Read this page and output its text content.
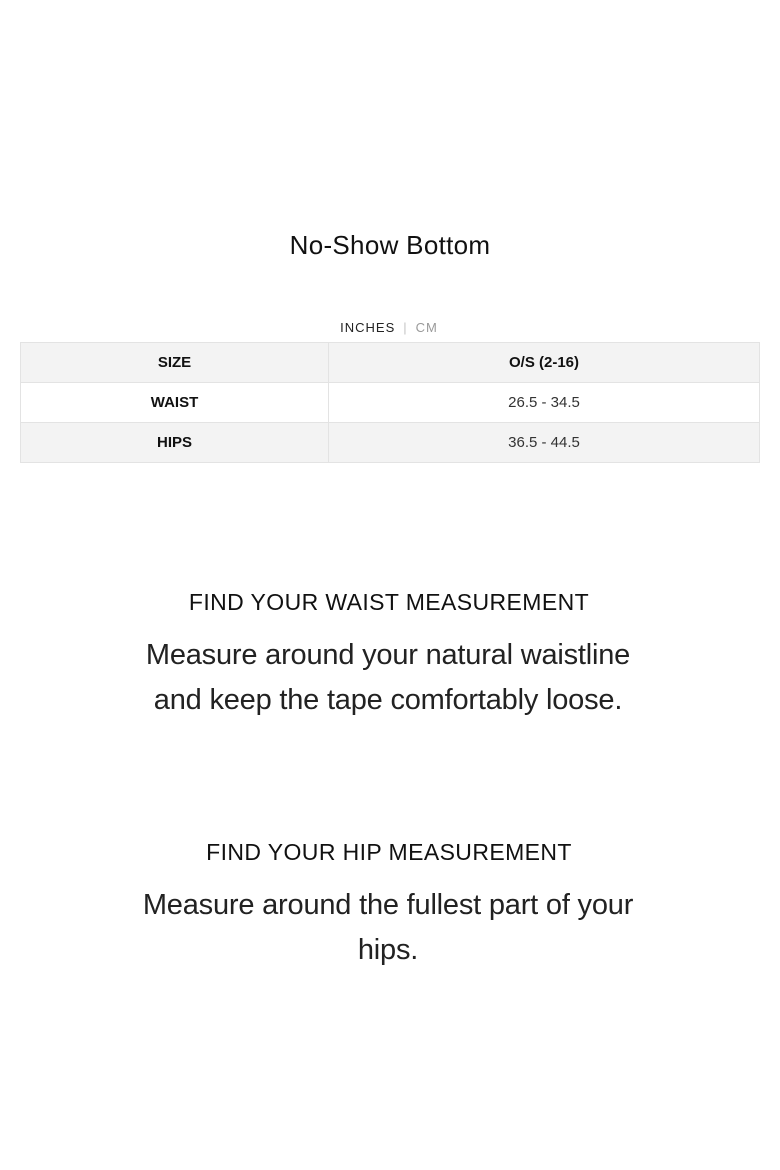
No-Show Bottom
INCHES | CM
SIZE	O/S (2-16)
WAIST	26.5 - 34.5
HIPS	36.5 - 44.5
FIND YOUR WAIST MEASUREMENT

Measure around your natural waistline and keep the tape comfortably loose.

FIND YOUR HIP MEASUREMENT

Measure around the fullest part of your hips.
